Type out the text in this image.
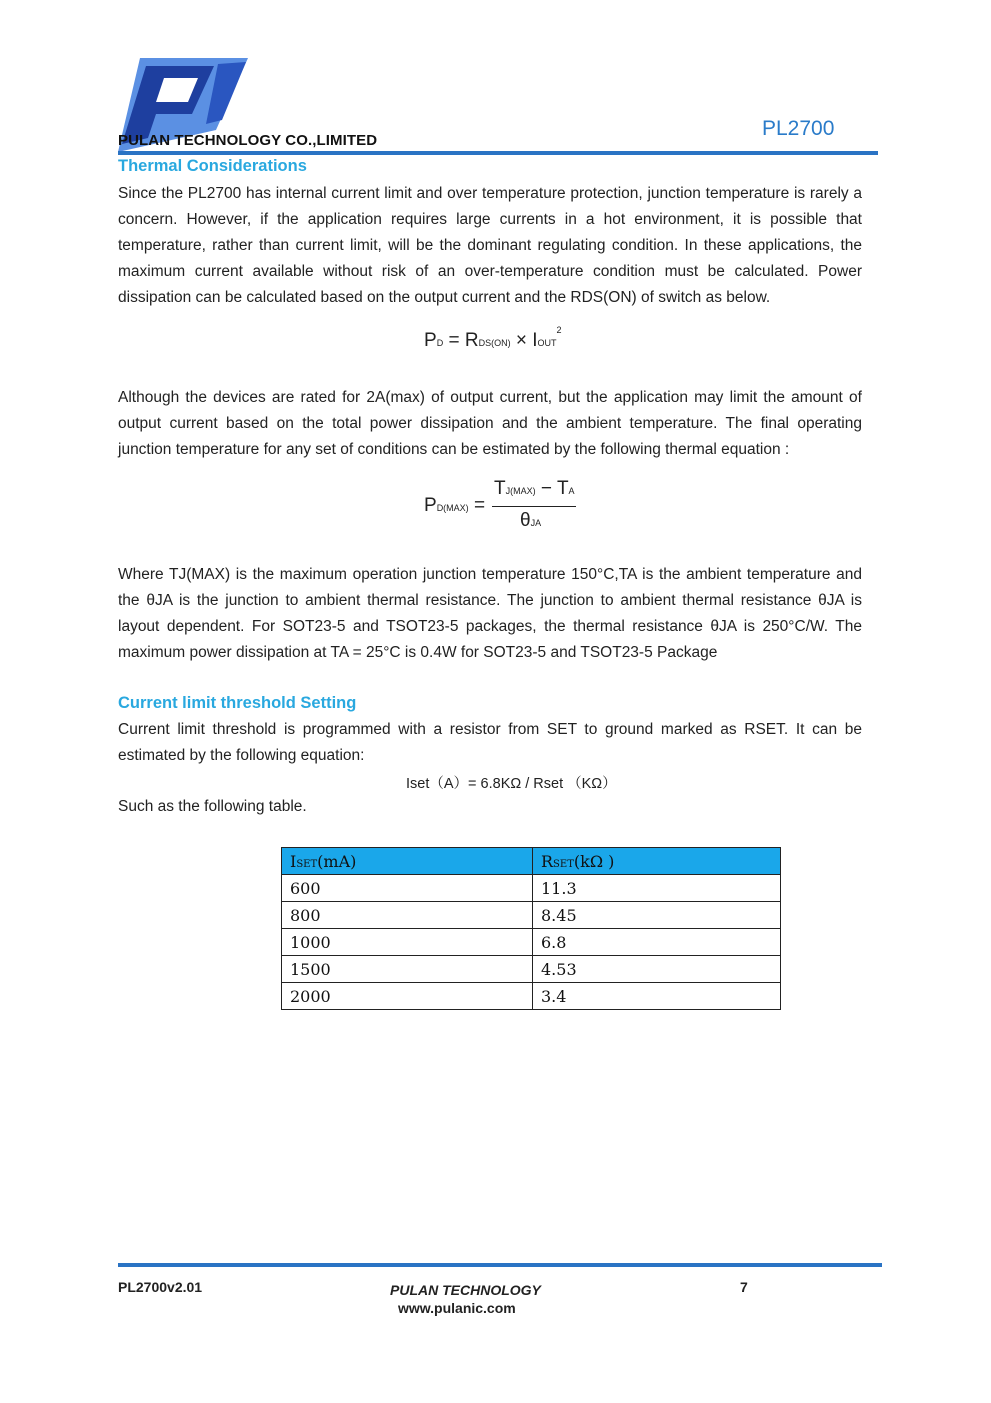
PULAN TECHNOLOGY CO.,LIMITED
PL2700
Thermal Considerations
Since the PL2700 has internal current limit and over temperature protection, junction temperature is rarely a concern. However, if the application requires large currents in a hot environment, it is possible that temperature, rather than current limit, will be the dominant regulating condition. In these applications, the maximum current available without risk of an over-temperature condition must be calculated. Power dissipation can be calculated based on the output current and the RDS(ON) of switch as below.
PD = $RDS(ON) \times IOUT^2$
Although the devices are rated for 2A(max) of output current, but the application may limit the amount of output current based on the total power dissipation and the ambient temperature. The final operating junction temperature for any set of conditions can be estimated by the following thermal equation :
PD(MAX) =
TJ(MAX) − TA
θJA
Where TJ(MAX) is the maximum operation junction temperature 150°C,TA is the ambient temperature and the θJA is the junction to ambient thermal resistance. The junction to ambient thermal resistance θJA is layout dependent. For SOT23-5 and TSOT23-5 packages, the thermal resistance θJA is 250°C/W. The maximum power dissipation at TA = 25°C is 0.4W for SOT23-5 and TSOT23-5 Package
Current limit threshold Setting
Current limit threshold is programmed with a resistor from SET to ground marked as RSET. It can be estimated by the following equation:
Iset（A）= 6.8KΩ / Rset （KΩ）
Such as the following table.
ISET(mA)	RSET(kΩ )
600	11.3
800	8.45
1000	6.8
1500	4.53
2000	3.4
PL2700v2.01	PULAN TECHNOLOGY
www.pulanic.com
7
